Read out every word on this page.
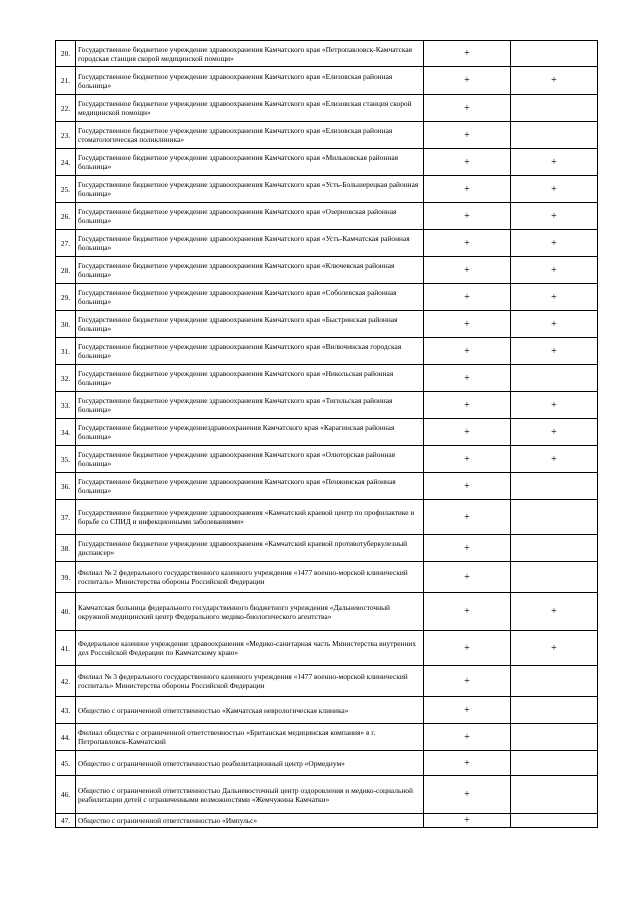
20.	Государственное бюджетное учреждение здравоохранения Камчатского края «Петропавловск-Камчатская городская станция скорой медицинской помощи»	+	
21.	Государственное бюджетное учреждение здравоохранения Камчатского края «Елизовская районная больница»	+	+
22.	Государственное бюджетное учреждение здравоохранения Камчатского края «Елизовская станция скорой медицинской помощи»	+	
23.	Государственное бюджетное учреждение здравоохранения Камчатского края «Елизовская районная стоматологическая поликлиника»	+	
24.	Государственное бюджетное учреждение здравоохранения Камчатского края «Мильковская районная больница»	+	+
25.	Государственное бюджетное учреждение здравоохранения Камчатского края «Усть-Большерецкая районная больница»	+	+
26.	Государственное бюджетное учреждение здравоохранения Камчатского края «Озерновская районная больница»	+	+
27.	Государственное бюджетное учреждение здравоохранения Камчатского края «Усть-Камчатская районная больница»	+	+
28.	Государственное бюджетное учреждение здравоохранения Камчатского края «Ключевская районная больница»	+	+
29.	Государственное бюджетное учреждение здравоохранения Камчатского края «Соболевская районная больница»	+	+
30.	Государственное бюджетное учреждение здравоохранения Камчатского края «Быстринская районная больница»	+	+
31.	Государственное бюджетное учреждение здравоохранения Камчатского края «Вилючинская городская больница»	+	+
32.	Государственное бюджетное учреждение здравоохранения Камчатского края «Никольская районная больница»	+	
33.	Государственное бюджетное учреждение здравоохранения Камчатского края «Тигильская районная больница»	+	+
34.	Государственное бюджетное учреждениездравоохранения Камчатского края «Карагинская районная больница»	+	+
35.	Государственное бюджетное учреждение здравоохранения Камчатского края «Олюторская районная больница»	+	+
36.	Государственное бюджетное учреждение здравоохранения Камчатского края «Пенжинская районная больница»	+	
37.	Государственное бюджетное учреждение здравоохранения «Камчатский краевой центр по профилактике и борьбе со СПИД и инфекционными заболеваниями»	+	
38.	Государственное бюджетное учреждение здравоохранения «Камчатский краевой противотуберкулезный диспансер»	+	
39.	Филиал № 2 федерального государственного казенного учреждения «1477 военно-морской клинический госпиталь» Министерства обороны Российской Федерации	+	
40.	Камчатская больница федерального государственного бюджетного учреждения «Дальневосточный окружной медицинский центр Федерального медико-биологического агентства»	+	+
41.	Федеральное казенное учреждение здравоохранения «Медико-санитарная часть Министерства внутренних дел Российской Федерации по Камчатскому краю»	+	+
42.	Филиал № 3 федерального государственного казенного учреждения «1477 военно-морской клинический госпиталь» Министерства обороны Российской Федерации	+	
43.	Общество с ограниченной ответственностью «Камчатская неврологическая клиника»	+	
44.	Филиал общества с ограниченной ответственностью «Британская медицинская компания» в г. Петропавловск-Камчатский	+	
45.	Общество с ограниченной ответственностью реабилитационный центр «Ормедиум»	+	
46.	Общество с ограниченной ответственностью Дальневосточный центр оздоровления и медико-социальной реабилитации детей с ограниченными возможностями «Жемчужина Камчатки»	+	
47.	Общество с ограниченной ответственностью «Импульс»	+	
